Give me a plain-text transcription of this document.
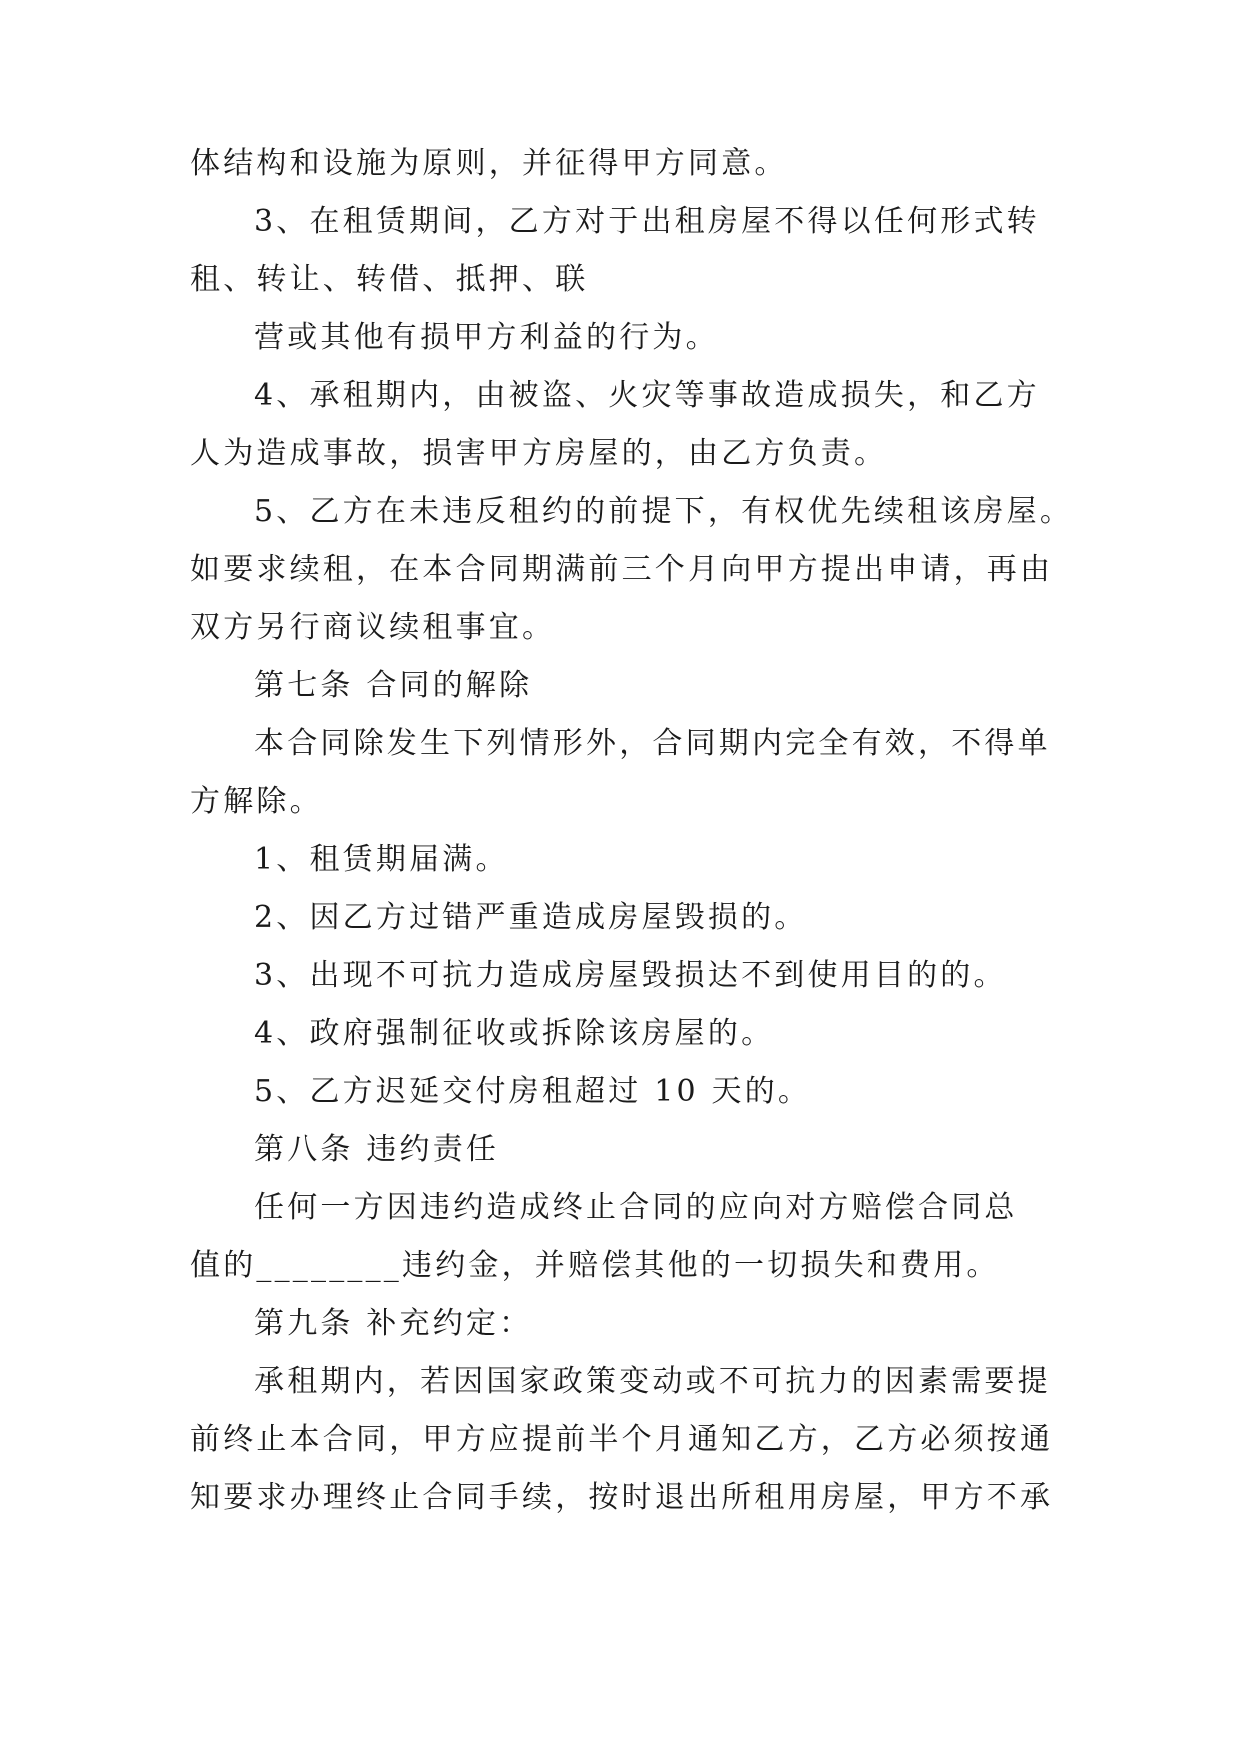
体结构和设施为原则，并征得甲方同意。
3、在租赁期间，乙方对于出租房屋不得以任何形式转
租、转让、转借、抵押、联
营或其他有损甲方利益的行为。
4、承租期内，由被盗、火灾等事故造成损失，和乙方
人为造成事故，损害甲方房屋的，由乙方负责。
5、乙方在未违反租约的前提下，有权优先续租该房屋。
如要求续租，在本合同期满前三个月向甲方提出申请，再由
双方另行商议续租事宜。
第七条 合同的解除
本合同除发生下列情形外，合同期内完全有效，不得单
方解除。
1、租赁期届满。
2、因乙方过错严重造成房屋毁损的。
3、出现不可抗力造成房屋毁损达不到使用目的的。
4、政府强制征收或拆除该房屋的。
5、乙方迟延交付房租超过 10 天的。
第八条 违约责任
任何一方因违约造成终止合同的应向对方赔偿合同总
值的________违约金，并赔偿其他的一切损失和费用。
第九条 补充约定：
承租期内，若因国家政策变动或不可抗力的因素需要提
前终止本合同，甲方应提前半个月通知乙方，乙方必须按通
知要求办理终止合同手续，按时退出所租用房屋，甲方不承
